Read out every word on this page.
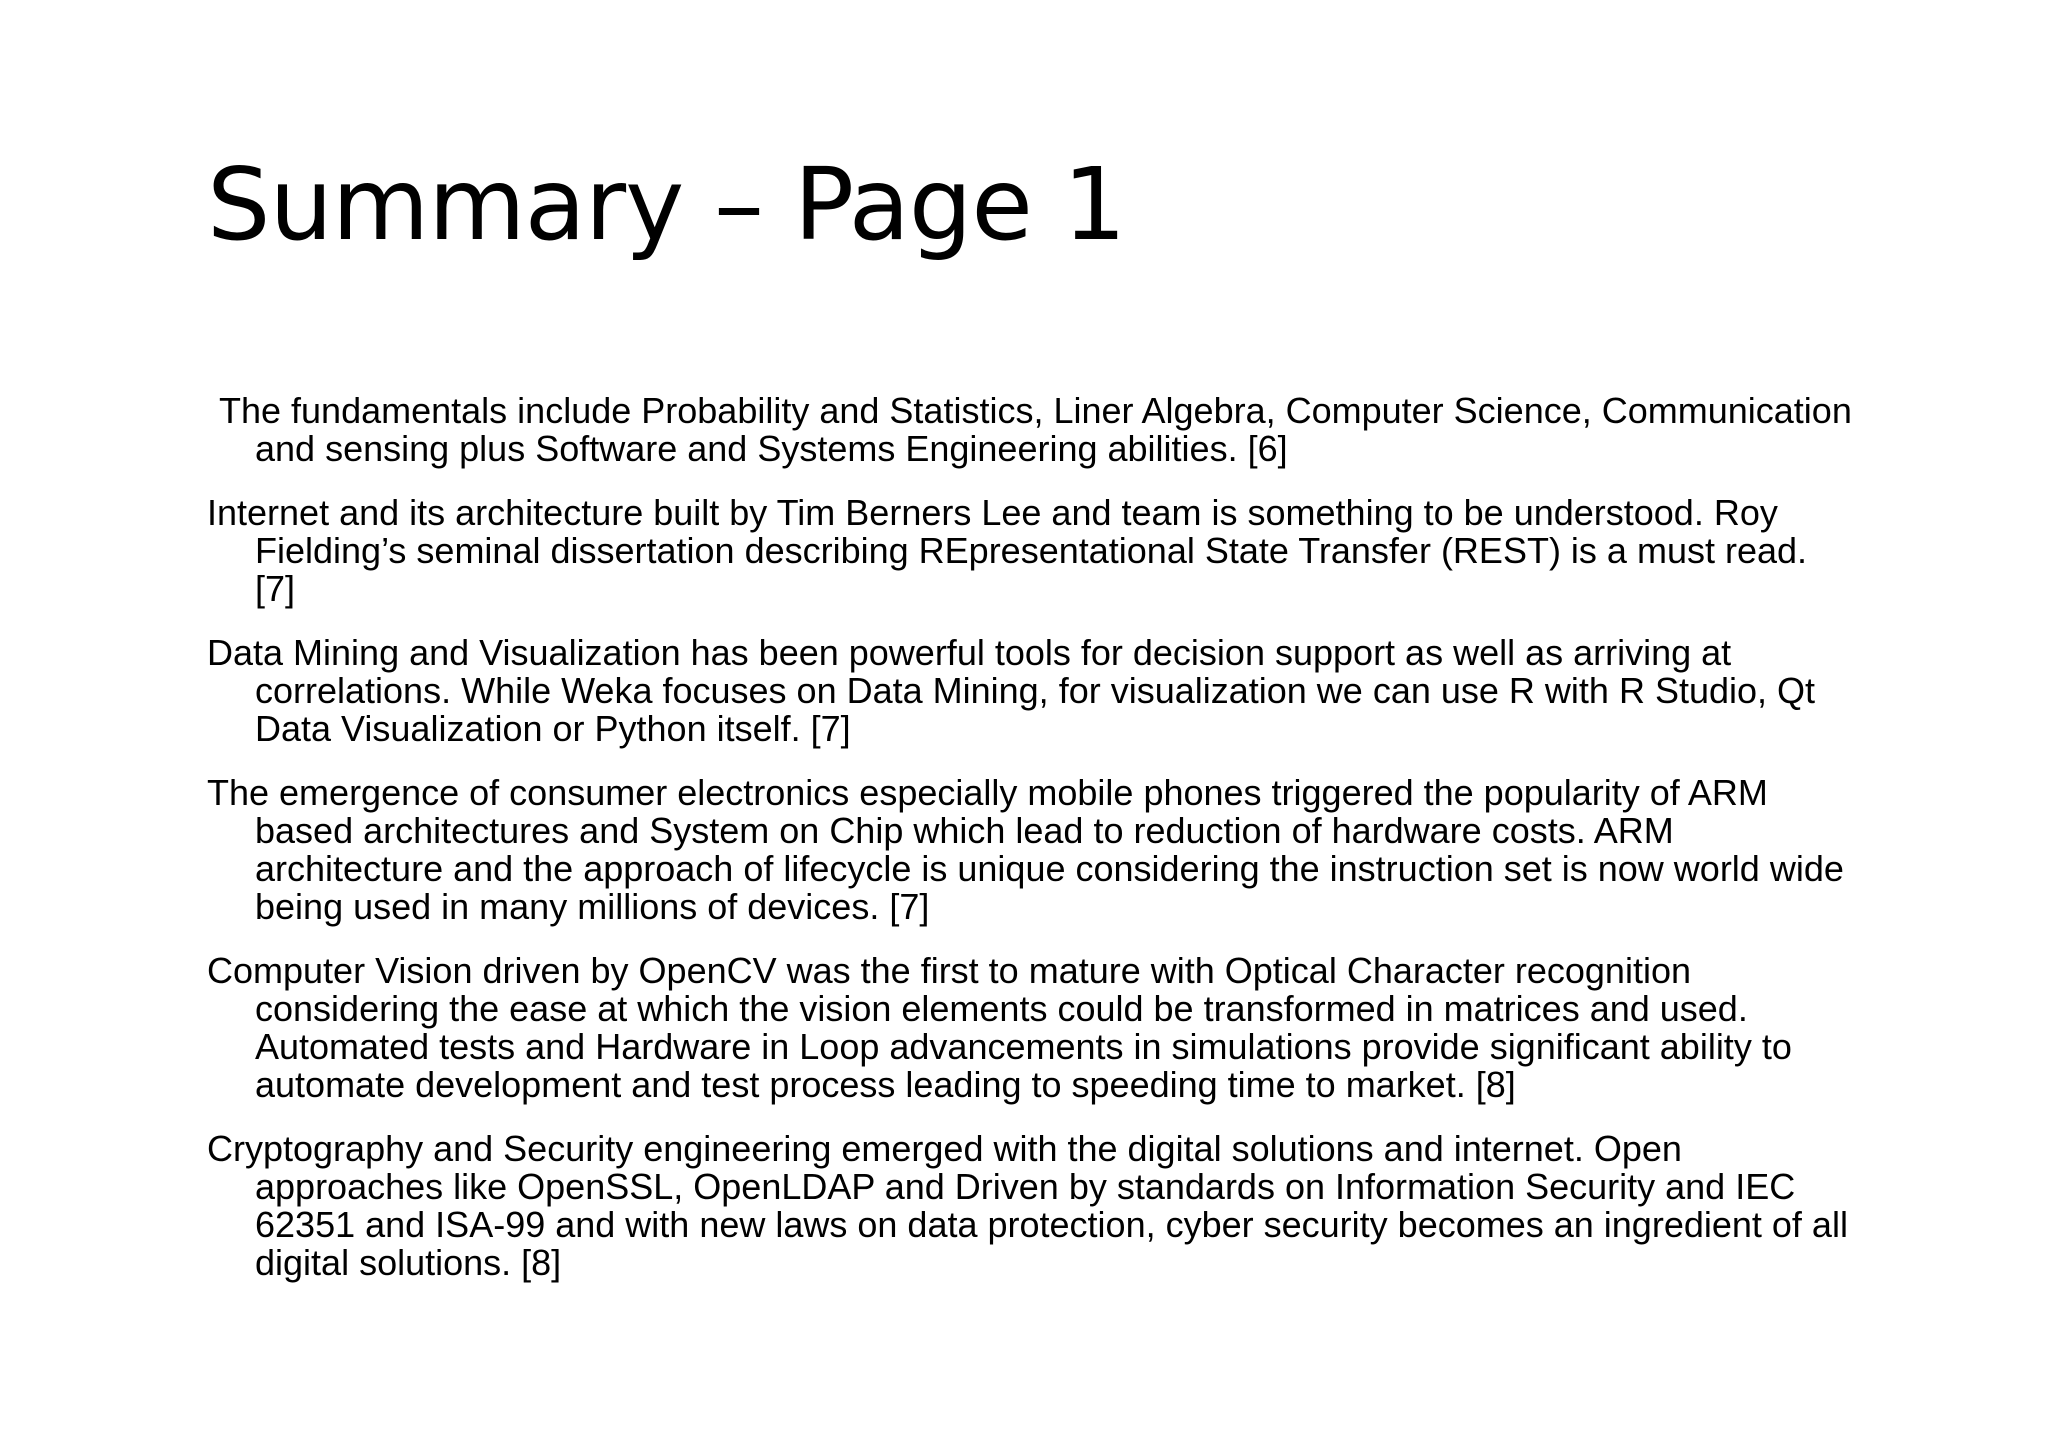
Summary – Page 1
The fundamentals include Probability and Statistics, Liner Algebra, Computer Science, Communication and sensing plus Software and Systems Engineering abilities. [6]
Internet and its architecture built by Tim Berners Lee and team is something to be understood. Roy Fielding’s seminal dissertation describing REpresentational State Transfer (REST) is a must read. [7]
Data Mining and Visualization has been powerful tools for decision support as well as arriving at correlations. While Weka focuses on Data Mining, for visualization we can use R with R Studio, Qt Data Visualization or Python itself. [7]
The emergence of consumer electronics especially mobile phones triggered the popularity of ARM based architectures and System on Chip which lead to reduction of hardware costs. ARM architecture and the approach of lifecycle is unique considering the instruction set is now world wide being used in many millions of devices. [7]
Computer Vision driven by OpenCV was the first to mature with Optical Character recognition considering the ease at which the vision elements could be transformed in matrices and used. Automated tests and Hardware in Loop advancements in simulations provide significant ability to automate development and test process leading to speeding time to market. [8]
Cryptography and Security engineering emerged with the digital solutions and internet. Open approaches like OpenSSL, OpenLDAP and Driven by standards on Information Security and IEC 62351 and ISA-99 and with new laws on data protection, cyber security becomes an ingredient of all digital solutions. [8]
